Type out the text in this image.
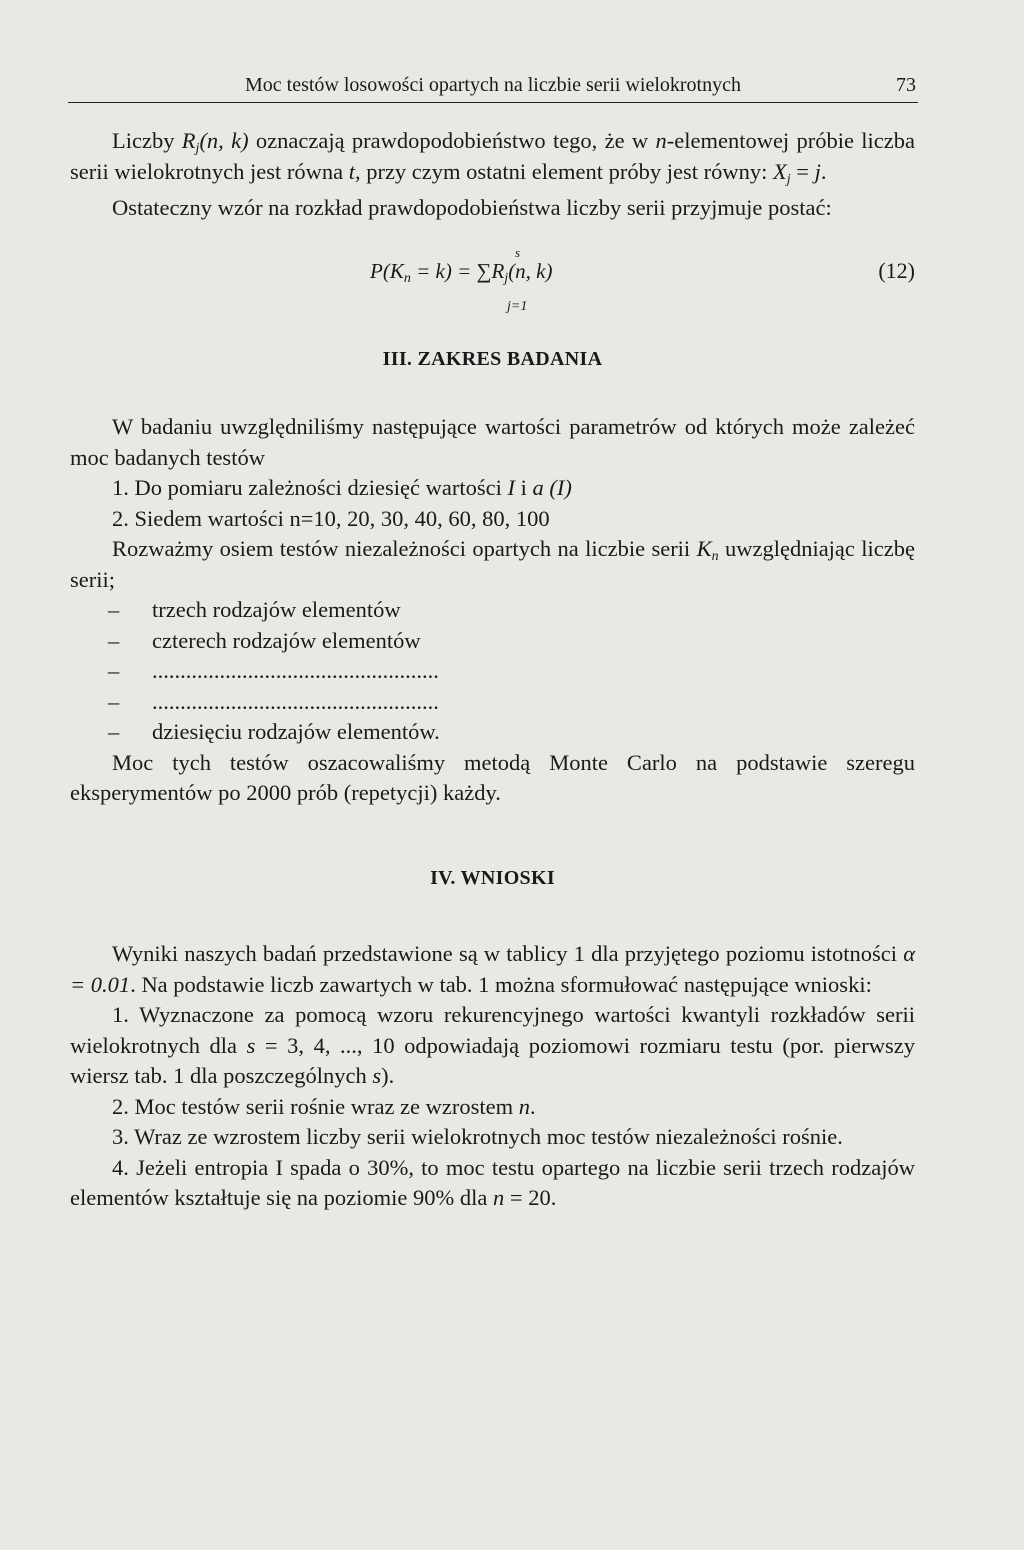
Moc testów losowości opartych na liczbie serii wielokrotnych	73

Liczby $R_j(n$, k) oznaczają prawdopodobieństwo tego, że w n-elementowej próbie liczba serii wielokrotnych jest równa t, przy czym ostatni element próby jest równy: $X_j = j$.

Ostateczny wzór na rozkład prawdopodobieństwa liczby serii przyjmuje postać:

s
$P(K_n = k) = \sum R_j(n$, k)
j=1
(12)

III. ZAKRES BADANIA

W badaniu uwzględniliśmy następujące wartości parametrów od których może zależeć moc badanych testów

1. Do pomiaru zależności dziesięć wartości I i a (I)

2. Siedem wartości n=10, 20, 30, 40, 60, 80, 100

Rozważmy osiem testów niezależności opartych na liczbie serii $K_n$ uwzględniając liczbę serii;

– trzech rodzajów elementów
– czterech rodzajów elementów
– ...................................................
– ...................................................
– dziesięciu rodzajów elementów.

Moc tych testów oszacowaliśmy metodą Monte Carlo na podstawie szeregu eksperymentów po 2000 prób (repetycji) każdy.

IV. WNIOSKI

Wyniki naszych badań przedstawione są w tablicy 1 dla przyjętego poziomu istotności α = 0.01. Na podstawie liczb zawartych w tab. 1 można sformułować następujące wnioski:

1. Wyznaczone za pomocą wzoru rekurencyjnego wartości kwantyli rozkładów serii wielokrotnych dla s = 3, 4, ..., 10 odpowiadają poziomowi rozmiaru testu (por. pierwszy wiersz tab. 1 dla poszczególnych s).

2. Moc testów serii rośnie wraz ze wzrostem n.

3. Wraz ze wzrostem liczby serii wielokrotnych moc testów niezależności rośnie.

4. Jeżeli entropia I spada o 30%, to moc testu opartego na liczbie serii trzech rodzajów elementów kształtuje się na poziomie 90% dla n = 20.
